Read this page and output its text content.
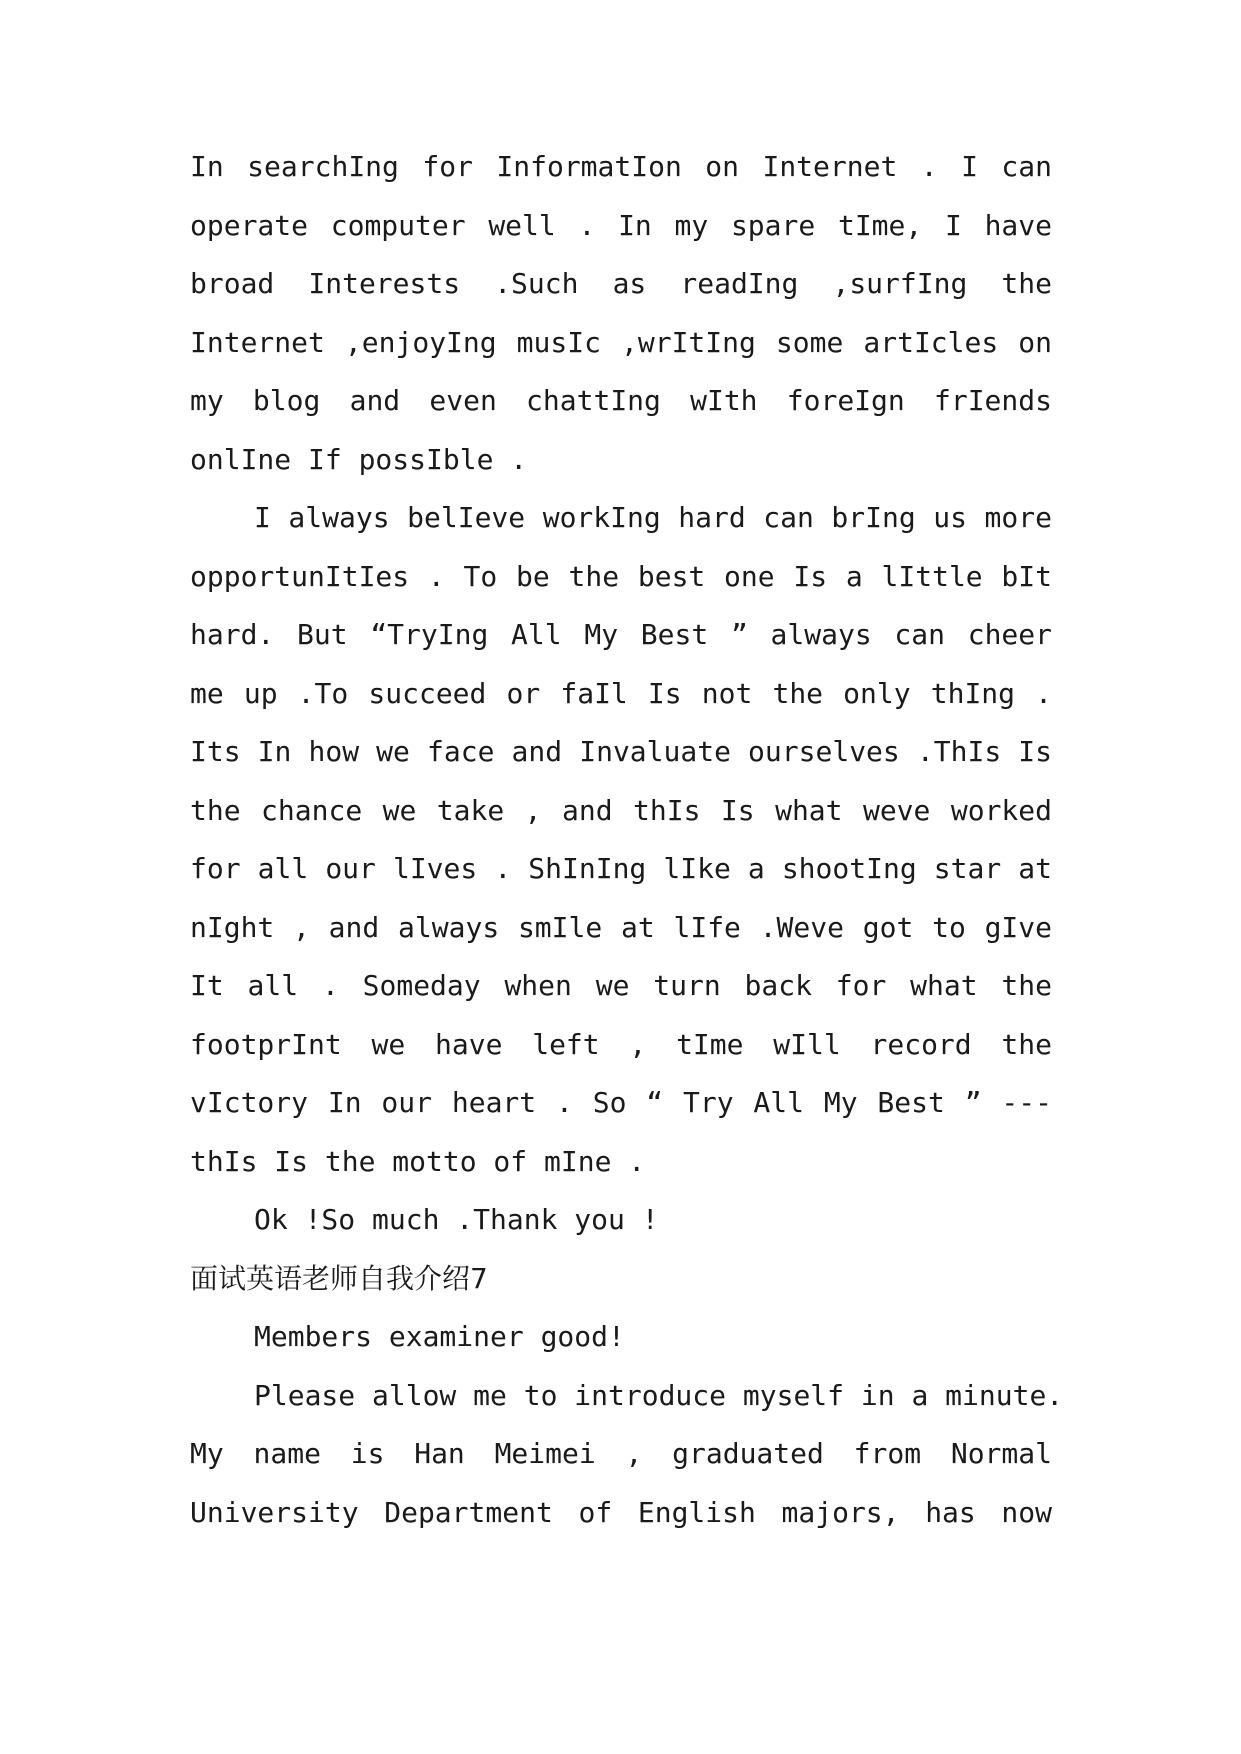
In searchIng for InformatIon on Internet . I can
operate computer well . In my spare tIme, I have
broad Interests .Such as readIng ,surfIng the
Internet ,enjoyIng musIc ,wrItIng some artIcles on
my blog and even chattIng wIth foreIgn frIends
onlIne If possIble .
I always belIeve workIng hard can brIng us more
opportunItIes . To be the best one Is a lIttle bIt
hard. But “TryIng All My Best ” always can cheer
me up .To succeed or faIl Is not the only thIng .
Its In how we face and Invaluate ourselves .ThIs Is
the chance we take , and thIs Is what weve worked
for all our lIves . ShInIng lIke a shootIng star at
nIght , and always smIle at lIfe .Weve got to gIve
It all . Someday when we turn back for what the
footprInt we have left , tIme wIll record the
vIctory In our heart . So “ Try All My Best ” ---
thIs Is the motto of mIne .
Ok !So much .Thank you !
面试英语老师自我介绍7
Members examiner good!
Please allow me to introduce myself in a minute.
My name is Han Meimei , graduated from Normal
University Department of English majors, has now
